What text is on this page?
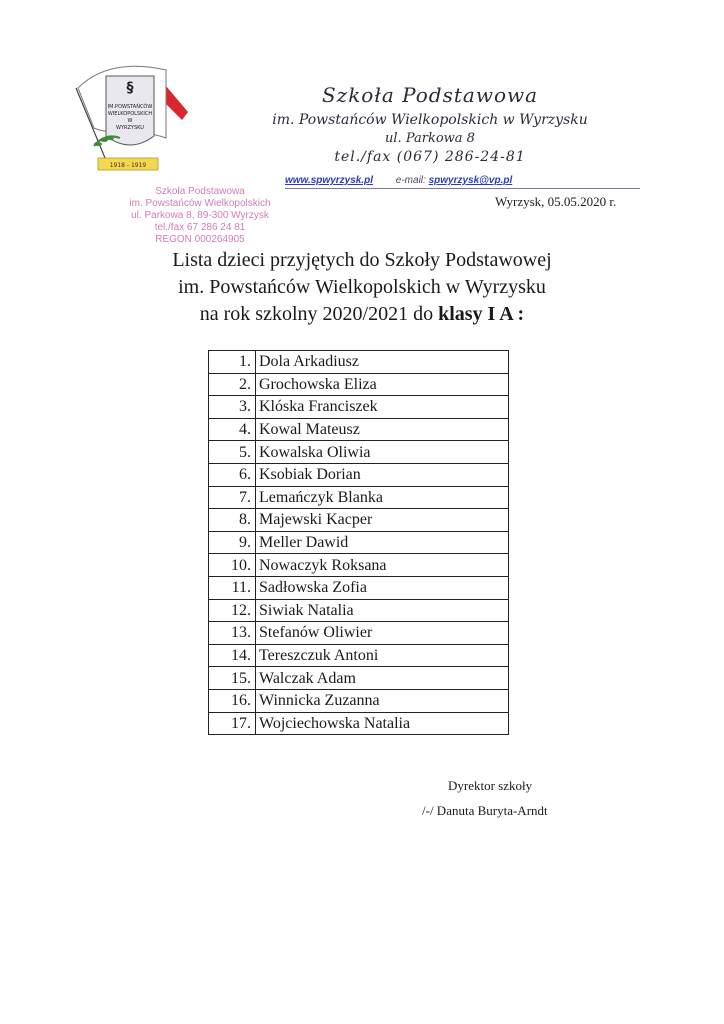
§
IM.POWSTAŃCÓW
WIELKOPOLSKICH
W
WYRZYSKU
1918 - 1919
Szkoła Podstawowa
im. Powstańców Wielkopolskich w Wyrzysku
ul. Parkowa 8
tel./fax (067) 286-24-81
www.spwyrzysk.pl e-mail: spwyrzysk@vp.pl
Szkoła Podstawowa
im. Powstańców Wielkopolskich
ul. Parkowa 8, 89-300 Wyrzysk
tel./fax 67 286 24 81
REGON 000264905
Wyrzysk, 05.05.2020 r.
Lista dzieci przyjętych do Szkoły Podstawowej
im. Powstańców Wielkopolskich w Wyrzysku
na rok szkolny 2020/2021 do klasy I A :
1.	Dola Arkadiusz
2.	Grochowska Eliza
3.	Klóska Franciszek
4.	Kowal Mateusz
5.	Kowalska Oliwia
6.	Ksobiak Dorian
7.	Lemańczyk Blanka
8.	Majewski Kacper
9.	Meller Dawid
10.	Nowaczyk Roksana
11.	Sadłowska Zofia
12.	Siwiak Natalia
13.	Stefanów Oliwier
14.	Tereszczuk Antoni
15.	Walczak Adam
16.	Winnicka Zuzanna
17.	Wojciechowska Natalia
Dyrektor szkoły
/-/ Danuta Buryta-Arndt
